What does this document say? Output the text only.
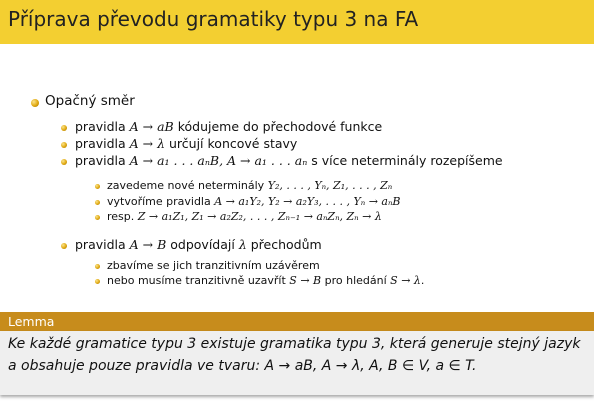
Příprava převodu gramatiky typu 3 na FA
Opačný směr
pravidla A → aB kódujeme do přechodové funkce
pravidla A → λ určují koncové stavy
pravidla A → a₁ . . . aₙB, A → a₁ . . . aₙ s více neterminály rozepíšeme
zavedeme nové neterminály Y₂, . . . , Yₙ, Z₁, . . . , Zₙ
vytvoříme pravidla A → a₁Y₂, Y₂ → a₂Y₃, . . . , Yₙ → aₙB
resp. Z → a₁Z₁, Z₁ → a₂Z₂, . . . , Zₙ₋₁ → aₙZₙ, Zₙ → λ
pravidla A → B odpovídají λ přechodům
zbavíme se jich tranzitivním uzávěrem
nebo musíme tranzitivně uzavřít S → B pro hledání S → λ.
Lemma
Ke každé gramatice typu 3 existuje gramatika typu 3, která generuje stejný jazyk
a obsahuje pouze pravidla ve tvaru: A → aB, A → λ, A, B ∈ V, a ∈ T.
